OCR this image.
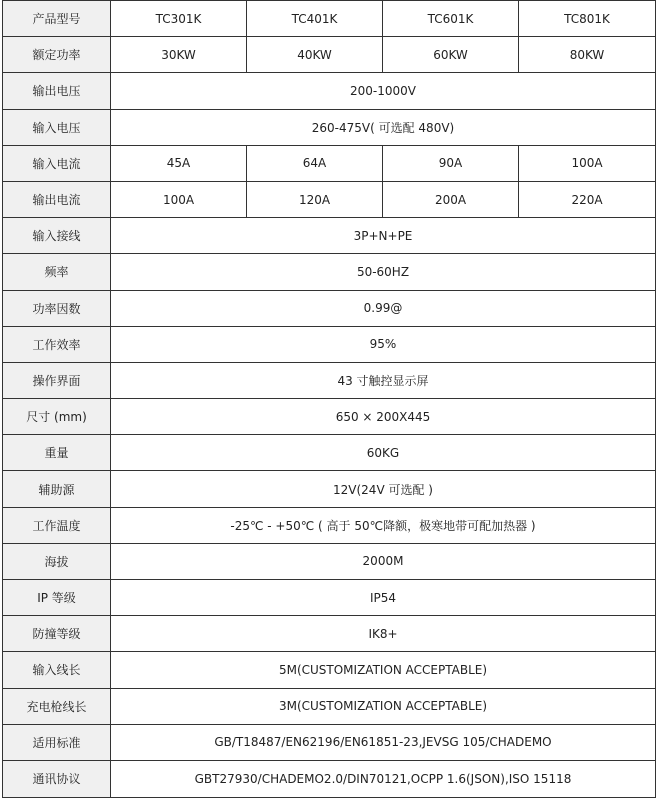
产品型号	TC301K	TC401K	TC601K	TC801K
额定功率	30KW	40KW	60KW	80KW
输出电压	200-1000V			
输入电压	260-475V( 可选配 480V)			
输入电流	45A	64A	90A	100A
输出电流	100A	120A	200A	220A
输入接线	3P+N+PE			
频率	50-60HZ			
功率因数	0.99@			
工作效率	95%			
操作界面	43 寸触控显示屏			
尺寸 (mm)	650 × 200X445			
重量	60KG			
辅助源	12V(24V 可选配 )			
工作温度	-25℃ - +50℃ ( 高于 50℃降额，极寒地带可配加热器 )			
海拔	2000M			
IP 等级	IP54			
防撞等级	IK8+			
输入线长	5M(CUSTOMIZATION ACCEPTABLE)			
充电枪线长	3M(CUSTOMIZATION ACCEPTABLE)			
适用标准	GB/T18487/EN62196/EN61851-23,JEVSG 105/CHADEMO			
通讯协议	GBT27930/CHADEMO2.0/DIN70121,OCPP 1.6(JSON),ISO 15118			
